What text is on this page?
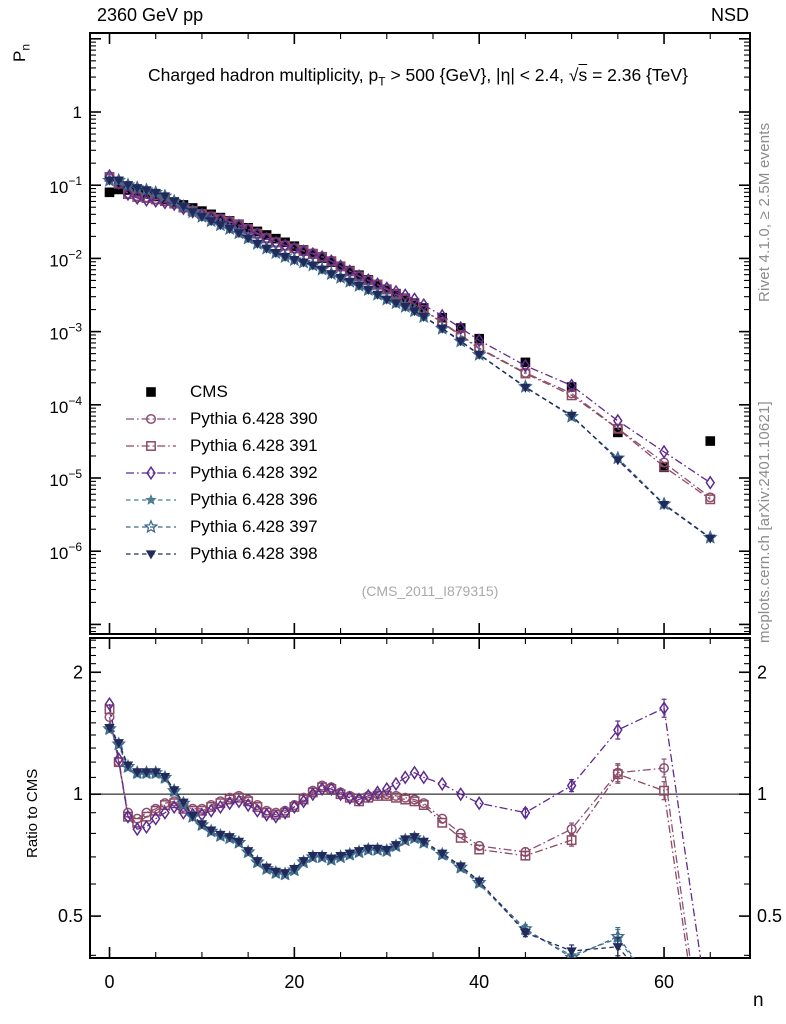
1
$10^{-1}$
$10^{-2}$
$10^{-3}$
$10^{-4}$
$10^{-5}$
$10^{-6}$
2	2
1	1
0.5	0.5
0	20	40	60
2360 GeV pp	NSD
Charged hadron multiplicity, $p_T > 500$ {GeV}, |η| < 2.4, √s = 2.36 {TeV}
$P_n$
Ratio to CMS
n
Rivet 4.1.0, ≥ 2.5M events
mcplots.cern.ch [arXiv:2401.10621]
(CMS_2011_I879315)
CMS
Pythia 6.428 390
Pythia 6.428 391
Pythia 6.428 392
Pythia 6.428 396
Pythia 6.428 397
Pythia 6.428 398
